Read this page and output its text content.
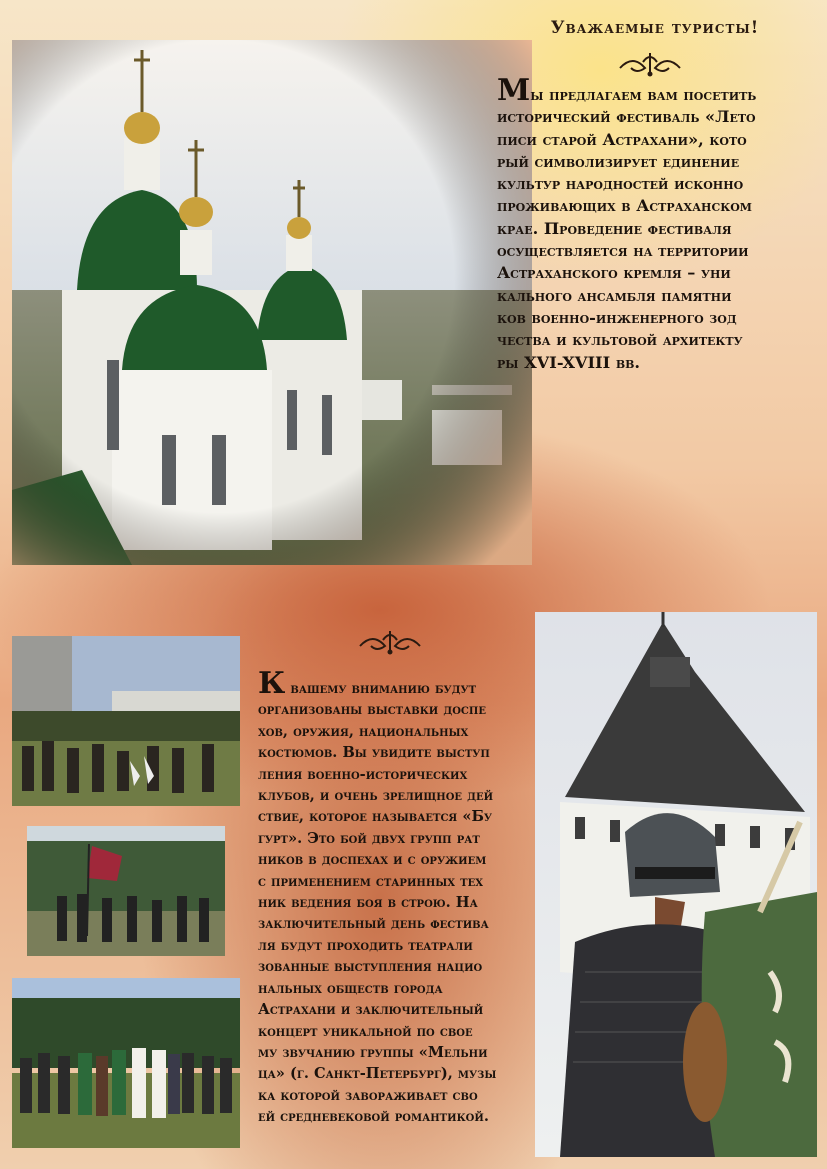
Уважаемые туристы!
Мы предлагаем вам посетить
исторический фестиваль «Лето
писи старой Астрахани», кото
рый символизирует единение
культур народностей исконно
проживающих в Астраханском
крае. Проведение фестиваля
осуществляется на территории
Астраханского кремля – уни
кального ансамбля памятни
ков военно-инженерного зод
чества и культовой архитекту
ры XVI-XVIII вв.
К вашему вниманию будут
организованы выставки доспе
хов, оружия, национальных
костюмов. Вы увидите выступ
ления военно-исторических
клубов, и очень зрелищное дей
ствие, которое называется «Бу
гурт». Это бой двух групп рат
ников в доспехах и с оружием
с применением старинных тех
ник ведения боя в строю. На
заключительный день фестива
ля будут проходить театрали
зованные выступления нацио
нальных обществ города
Астрахани и заключительный
концерт уникальной по свое
му звучанию группы «Мельни
ца» (г. Санкт-Петербург), музы
ка которой завораживает сво
ей средневековой романтикой.
